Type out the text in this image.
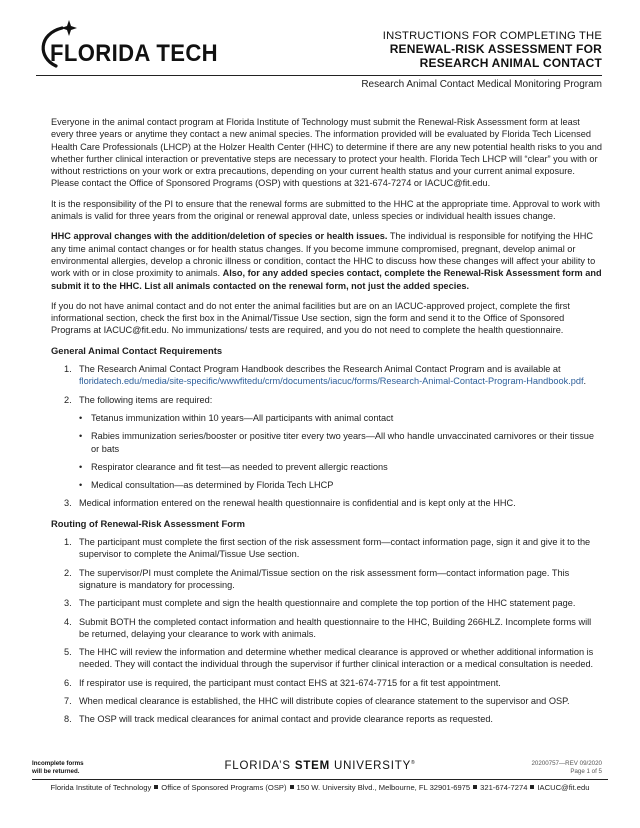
FLORIDA TECH
INSTRUCTIONS FOR COMPLETING THE
RENEWAL-RISK ASSESSMENT FOR
RESEARCH ANIMAL CONTACT
Research Animal Contact Medical Monitoring Program

Everyone in the animal contact program at Florida Institute of Technology must submit the Renewal-Risk Assessment form at least every three years or anytime they contact a new animal species. The information provided will be evaluated by Florida Tech Licensed Health Care Professionals (LHCP) at the Holzer Health Center (HHC) to determine if there are any new potential health risks to you and whether further clinical interaction or preventative steps are necessary to protect your health. Florida Tech LHCP will “clear” you with or without restrictions on your work or extra precautions, depending on your current health status and your current animal exposure. Please contact the Office of Sponsored Programs (OSP) with questions at 321-674-7274 or IACUC@fit.edu.

It is the responsibility of the PI to ensure that the renewal forms are submitted to the HHC at the appropriate time. Approval to work with animals is valid for three years from the original or renewal approval date, unless species or individual health issues change.

HHC approval changes with the addition/deletion of species or health issues. The individual is responsible for notifying the HHC any time animal contact changes or for health status changes. If you become immune compromised, pregnant, develop animal or environmental allergies, develop a chronic illness or condition, contact the HHC to discuss how these changes will affect your ability to work with or in close proximity to animals. Also, for any added species contact, complete the Renewal-Risk Assessment form and submit it to the HHC. List all animals contacted on the renewal form, not just the added species.

If you do not have animal contact and do not enter the animal facilities but are on an IACUC-approved project, complete the first informational section, check the first box in the Animal/Tissue Use section, sign the form and send it to the Office of Sponsored Programs at IACUC@fit.edu. No immunizations/ tests are required, and you do not need to complete the health questionnaire.

General Animal Contact Requirements
1. The Research Animal Contact Program Handbook describes the Research Animal Contact Program and is available at floridatech.edu/media/site-specific/wwwfitedu/crm/documents/iacuc/forms/Research-Animal-Contact-Program-Handbook.pdf.
2. The following items are required:
• Tetanus immunization within 10 years—All participants with animal contact
• Rabies immunization series/booster or positive titer every two years—All who handle unvaccinated carnivores or their tissue or bats
• Respirator clearance and fit test—as needed to prevent allergic reactions
• Medical consultation—as determined by Florida Tech LHCP
3. Medical information entered on the renewal health questionnaire is confidential and is kept only at the HHC.
Routing of Renewal-Risk Assessment Form
1. The participant must complete the first section of the risk assessment form—contact information page, sign it and give it to the supervisor to complete the Animal/Tissue Use section.
2. The supervisor/PI must complete the Animal/Tissue section on the risk assessment form—contact information page. This signature is mandatory for processing.
3. The participant must complete and sign the health questionnaire and complete the top portion of the HHC statement page.
4. Submit BOTH the completed contact information and health questionnaire to the HHC, Building 266HLZ. Incomplete forms will be returned, delaying your clearance to work with animals.
5. The HHC will review the information and determine whether medical clearance is approved or whether additional information is needed. They will contact the individual through the supervisor if further clinical interaction or a medical consultation is needed.
6. If respirator use is required, the participant must contact EHS at 321-674-7715 for a fit test appointment.
7. When medical clearance is established, the HHC will distribute copies of clearance statement to the supervisor and OSP.
8. The OSP will track medical clearances for animal contact and provide clearance reports as requested.
Incomplete forms
will be returned.	FLORIDA’S STEM UNIVERSITY®	20200757—REV 09/2020
Page 1 of 5
Florida Institute of Technology Office of Sponsored Programs (OSP) 150 W. University Blvd., Melbourne, FL 32901-6975 321-674-7274 IACUC@fit.edu
